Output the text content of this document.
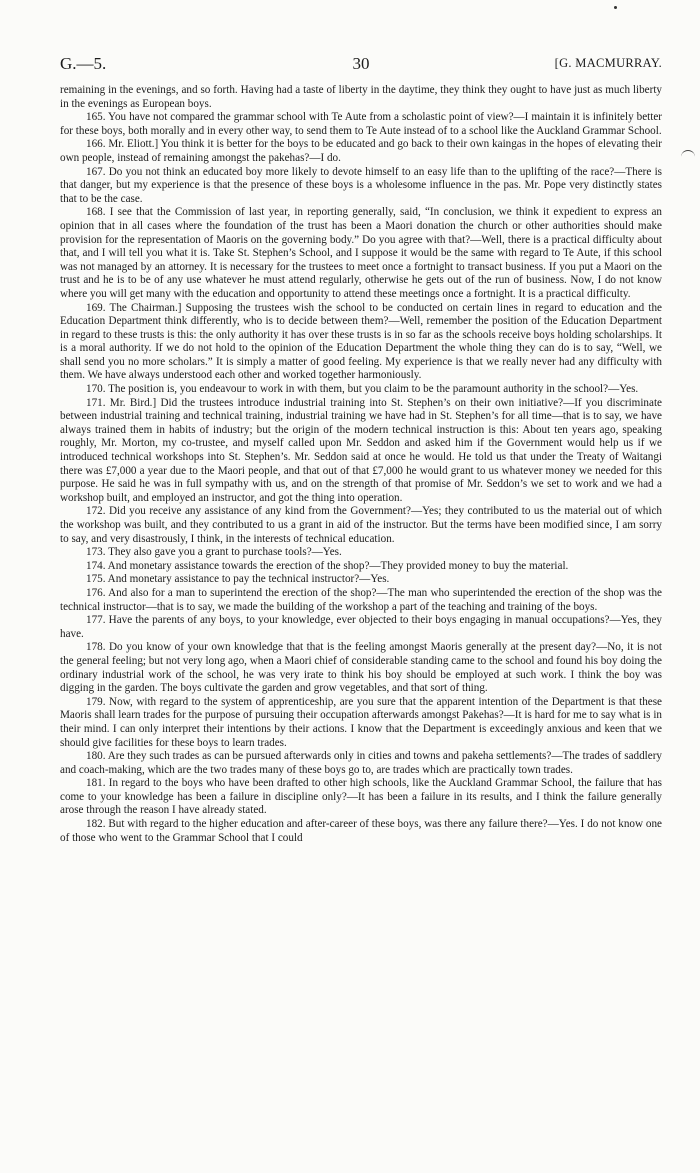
G.—5.	30	[G. MACMURRAY.

remaining in the evenings, and so forth. Having had a taste of liberty in the daytime, they think they ought to have just as much liberty in the evenings as European boys.

165. You have not compared the grammar school with Te Aute from a scholastic point of view?—I maintain it is infinitely better for these boys, both morally and in every other way, to send them to Te Aute instead of to a school like the Auckland Grammar School.

166. Mr. Eliott.] You think it is better for the boys to be educated and go back to their own kaingas in the hopes of elevating their own people, instead of remaining amongst the pakehas?—I do.

167. Do you not think an educated boy more likely to devote himself to an easy life than to the uplifting of the race?—There is that danger, but my experience is that the presence of these boys is a wholesome influence in the pas. Mr. Pope very distinctly states that to be the case.

168. I see that the Commission of last year, in reporting generally, said, “In conclusion, we think it expedient to express an opinion that in all cases where the foundation of the trust has been a Maori donation the church or other authorities should make provision for the representation of Maoris on the governing body.” Do you agree with that?—Well, there is a practical difficulty about that, and I will tell you what it is. Take St. Stephen’s School, and I suppose it would be the same with regard to Te Aute, if this school was not managed by an attorney. It is necessary for the trustees to meet once a fortnight to transact business. If you put a Maori on the trust and he is to be of any use whatever he must attend regularly, otherwise he gets out of the run of business. Now, I do not know where you will get many with the education and opportunity to attend these meetings once a fortnight. It is a practical difficulty.

169. The Chairman.] Supposing the trustees wish the school to be conducted on certain lines in regard to education and the Education Department think differently, who is to decide between them?—Well, remember the position of the Education Department in regard to these trusts is this: the only authority it has over these trusts is in so far as the schools receive boys holding scholarships. It is a moral authority. If we do not hold to the opinion of the Education Department the whole thing they can do is to say, “Well, we shall send you no more scholars.” It is simply a matter of good feeling. My experience is that we really never had any difficulty with them. We have always understood each other and worked together harmoniously.

170. The position is, you endeavour to work in with them, but you claim to be the paramount authority in the school?—Yes.

171. Mr. Bird.] Did the trustees introduce industrial training into St. Stephen’s on their own initiative?—If you discriminate between industrial training and technical training, industrial training we have had in St. Stephen’s for all time—that is to say, we have always trained them in habits of industry; but the origin of the modern technical instruction is this: About ten years ago, speaking roughly, Mr. Morton, my co-trustee, and myself called upon Mr. Seddon and asked him if the Government would help us if we introduced technical workshops into St. Stephen’s. Mr. Seddon said at once he would. He told us that under the Treaty of Waitangi there was £7,000 a year due to the Maori people, and that out of that £7,000 he would grant to us whatever money we needed for this purpose. He said he was in full sympathy with us, and on the strength of that promise of Mr. Seddon’s we set to work and we had a workshop built, and employed an instructor, and got the thing into operation.

172. Did you receive any assistance of any kind from the Government?—Yes; they contributed to us the material out of which the workshop was built, and they contributed to us a grant in aid of the instructor. But the terms have been modified since, I am sorry to say, and very disastrously, I think, in the interests of technical education.

173. They also gave you a grant to purchase tools?—Yes.

174. And monetary assistance towards the erection of the shop?—They provided money to buy the material.

175. And monetary assistance to pay the technical instructor?—Yes.

176. And also for a man to superintend the erection of the shop?—The man who superintended the erection of the shop was the technical instructor—that is to say, we made the building of the workshop a part of the teaching and training of the boys.

177. Have the parents of any boys, to your knowledge, ever objected to their boys engaging in manual occupations?—Yes, they have.

178. Do you know of your own knowledge that that is the feeling amongst Maoris generally at the present day?—No, it is not the general feeling; but not very long ago, when a Maori chief of considerable standing came to the school and found his boy doing the ordinary industrial work of the school, he was very irate to think his boy should be employed at such work. I think the boy was digging in the garden. The boys cultivate the garden and grow vegetables, and that sort of thing.

179. Now, with regard to the system of apprenticeship, are you sure that the apparent intention of the Department is that these Maoris shall learn trades for the purpose of pursuing their occupation afterwards amongst Pakehas?—It is hard for me to say what is in their mind. I can only interpret their intentions by their actions. I know that the Department is exceedingly anxious and keen that we should give facilities for these boys to learn trades.

180. Are they such trades as can be pursued afterwards only in cities and towns and pakeha settlements?—The trades of saddlery and coach-making, which are the two trades many of these boys go to, are trades which are practically town trades.

181. In regard to the boys who have been drafted to other high schools, like the Auckland Grammar School, the failure that has come to your knowledge has been a failure in discipline only?—It has been a failure in its results, and I think the failure generally arose through the reason I have already stated.

182. But with regard to the higher education and after-career of these boys, was there any failure there?—Yes. I do not know one of those who went to the Grammar School that I could
